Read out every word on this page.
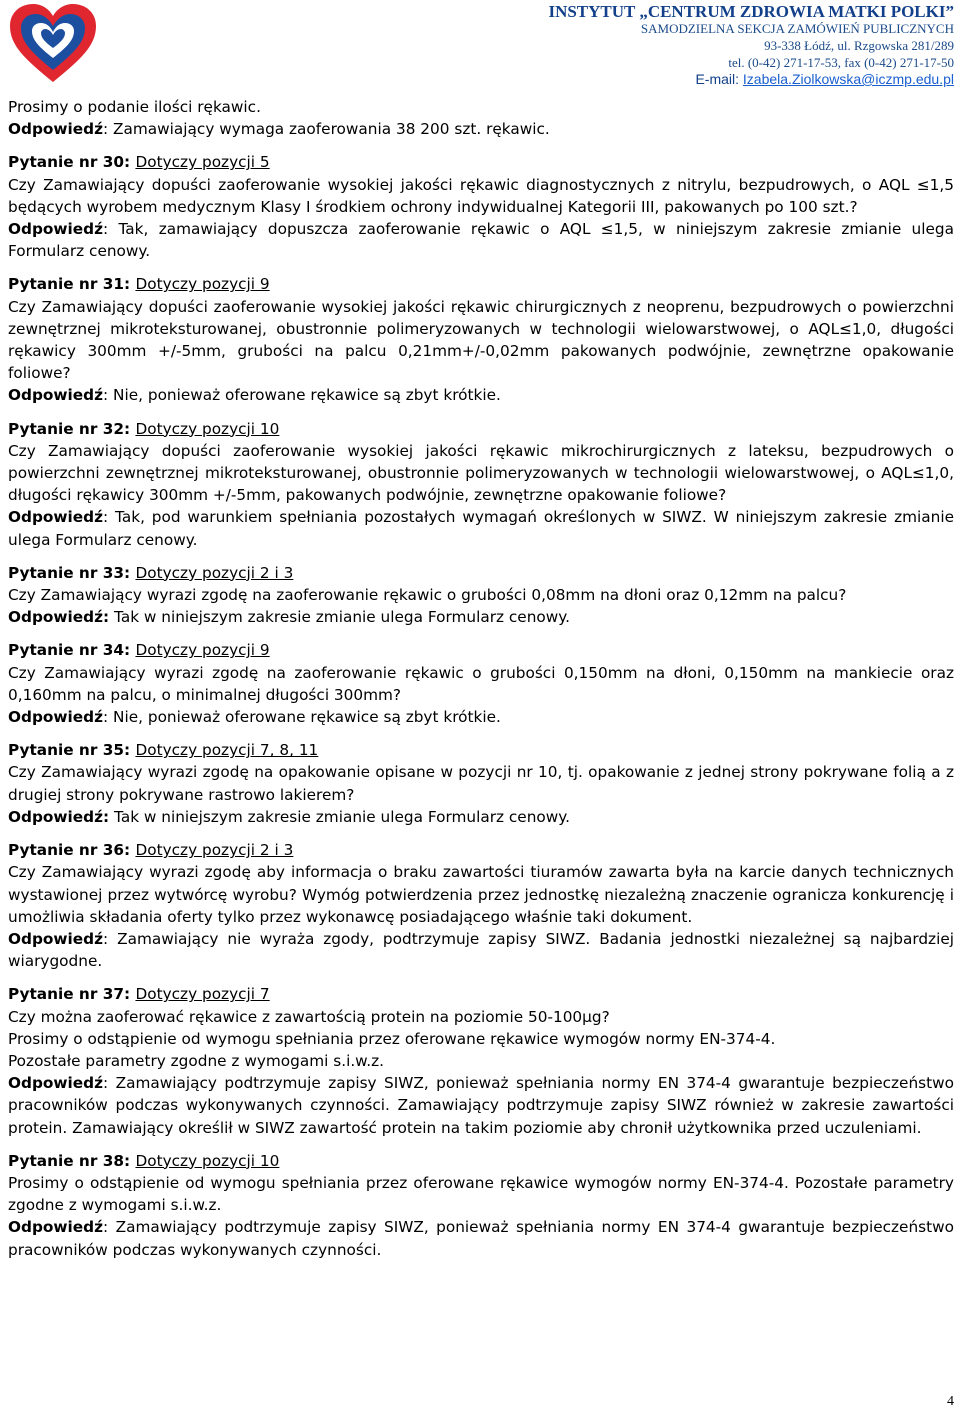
INSTYTUT „CENTRUM ZDROWIA MATKI POLKI”
SAMODZIELNA SEKCJA ZAMÓWIEŃ PUBLICZNYCH
93-338 Łódź, ul. Rzgowska 281/289
tel. (0-42) 271-17-53, fax (0-42) 271-17-50
E-mail: Izabela.Ziolkowska@iczmp.edu.pl

Prosimy o podanie ilości rękawic.

Odpowiedź: Zamawiający wymaga zaoferowania 38 200 szt. rękawic.

Pytanie nr 30: Dotyczy pozycji 5

Czy Zamawiający dopuści zaoferowanie wysokiej jakości rękawic diagnostycznych z nitrylu, bezpudrowych, o AQL ≤1,5 będących wyrobem medycznym Klasy I środkiem ochrony indywidualnej Kategorii III, pakowanych po 100 szt.?

Odpowiedź: Tak, zamawiający dopuszcza zaoferowanie rękawic o AQL ≤1,5, w niniejszym zakresie zmianie ulega Formularz cenowy.

Pytanie nr 31: Dotyczy pozycji 9

Czy Zamawiający dopuści zaoferowanie wysokiej jakości rękawic chirurgicznych z neoprenu, bezpudrowych o powierzchni zewnętrznej mikroteksturowanej, obustronnie polimeryzowanych w technologii wielowarstwowej, o AQL≤1,0, długości rękawicy 300mm +/-5mm, grubości na palcu 0,21mm+/-0,02mm pakowanych podwójnie, zewnętrzne opakowanie foliowe?

Odpowiedź: Nie, ponieważ oferowane rękawice są zbyt krótkie.

Pytanie nr 32: Dotyczy pozycji 10

Czy Zamawiający dopuści zaoferowanie wysokiej jakości rękawic mikrochirurgicznych z lateksu, bezpudrowych o powierzchni zewnętrznej mikroteksturowanej, obustronnie polimeryzowanych w technologii wielowarstwowej, o AQL≤1,0, długości rękawicy 300mm +/-5mm, pakowanych podwójnie, zewnętrzne opakowanie foliowe?

Odpowiedź: Tak, pod warunkiem spełniania pozostałych wymagań określonych w SIWZ. W niniejszym zakresie zmianie ulega Formularz cenowy.

Pytanie nr 33: Dotyczy pozycji 2 i 3

Czy Zamawiający wyrazi zgodę na zaoferowanie rękawic o grubości 0,08mm na dłoni oraz 0,12mm na palcu?

Odpowiedź: Tak w niniejszym zakresie zmianie ulega Formularz cenowy.

Pytanie nr 34: Dotyczy pozycji 9

Czy Zamawiający wyrazi zgodę na zaoferowanie rękawic o grubości 0,150mm na dłoni, 0,150mm na mankiecie oraz 0,160mm na palcu, o minimalnej długości 300mm?

Odpowiedź: Nie, ponieważ oferowane rękawice są zbyt krótkie.

Pytanie nr 35: Dotyczy pozycji 7, 8, 11

Czy Zamawiający wyrazi zgodę na opakowanie opisane w pozycji nr 10, tj. opakowanie z jednej strony pokrywane folią a z drugiej strony pokrywane rastrowo lakierem?

Odpowiedź: Tak w niniejszym zakresie zmianie ulega Formularz cenowy.

Pytanie nr 36: Dotyczy pozycji 2 i 3

Czy Zamawiający wyrazi zgodę aby informacja o braku zawartości tiuramów zawarta była na karcie danych technicznych wystawionej przez wytwórcę wyrobu? Wymóg potwierdzenia przez jednostkę niezależną znaczenie ogranicza konkurencję i umożliwia składania oferty tylko przez wykonawcę posiadającego właśnie taki dokument.

Odpowiedź: Zamawiający nie wyraża zgody, podtrzymuje zapisy SIWZ. Badania jednostki niezależnej są najbardziej wiarygodne.

Pytanie nr 37: Dotyczy pozycji 7

Czy można zaoferować rękawice z zawartością protein na poziomie 50-100µg?

Prosimy o odstąpienie od wymogu spełniania przez oferowane rękawice wymogów normy EN-374-4.

Pozostałe parametry zgodne z wymogami s.i.w.z.

Odpowiedź: Zamawiający podtrzymuje zapisy SIWZ, ponieważ spełniania normy EN 374-4 gwarantuje bezpieczeństwo pracowników podczas wykonywanych czynności. Zamawiający podtrzymuje zapisy SIWZ również w zakresie zawartości protein. Zamawiający określił w SIWZ zawartość protein na takim poziomie aby chronił użytkownika przed uczuleniami.

Pytanie nr 38: Dotyczy pozycji 10

Prosimy o odstąpienie od wymogu spełniania przez oferowane rękawice wymogów normy EN-374-4. Pozostałe parametry zgodne z wymogami s.i.w.z.

Odpowiedź: Zamawiający podtrzymuje zapisy SIWZ, ponieważ spełniania normy EN 374-4 gwarantuje bezpieczeństwo pracowników podczas wykonywanych czynności.

4
